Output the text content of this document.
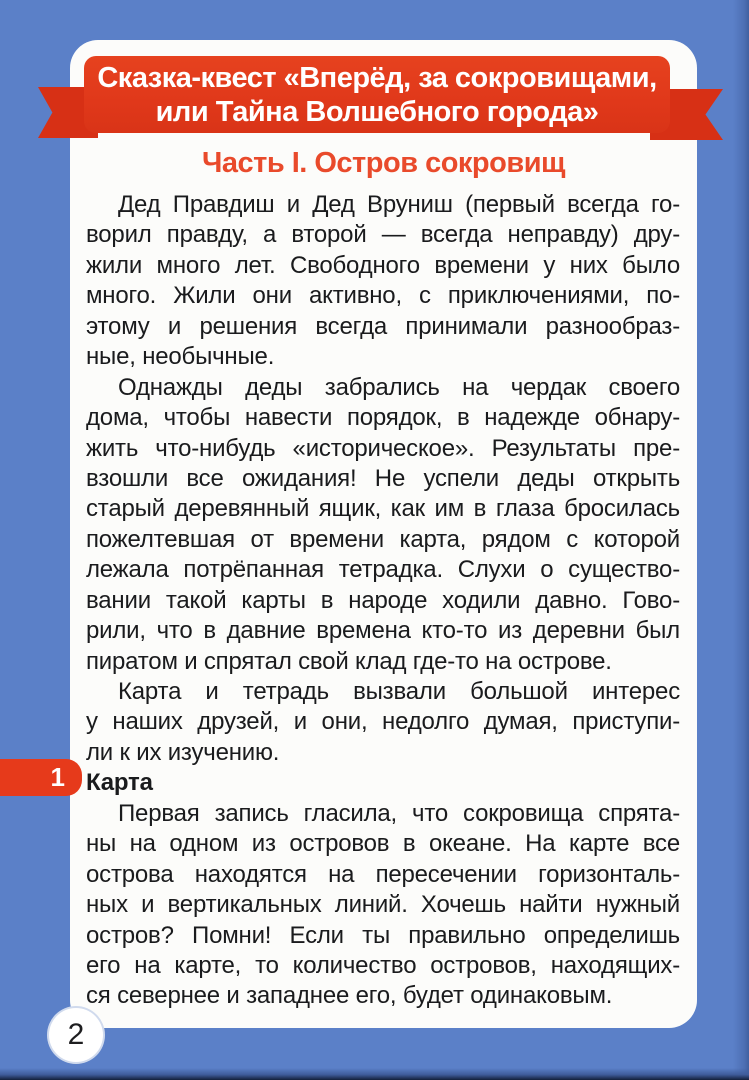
Сказка-квест «Вперёд, за сокровищами,
или Тайна Волшебного города»
Часть I. Остров сокровищ
Дед Правдиш и Дед Вруниш (первый всегда го-
ворил правду, а второй — всегда неправду) дру-
жили много лет. Свободного времени у них было
много. Жили они активно, с приключениями, по-
этому и решения всегда принимали разнообраз-
ные, необычные.
Однажды деды забрались на чердак своего
дома, чтобы навести порядок, в надежде обнару-
жить что-нибудь «историческое». Результаты пре-
взошли все ожидания! Не успели деды открыть
старый деревянный ящик, как им в глаза бросилась
пожелтевшая от времени карта, рядом с которой
лежала потрёпанная тетрадка. Слухи о существо-
вании такой карты в народе ходили давно. Гово-
рили, что в давние времена кто-то из деревни был
пиратом и спрятал свой клад где-то на острове.
Карта и тетрадь вызвали большой интерес
у наших друзей, и они, недолго думая, приступи-
ли к их изучению.
Карта
Первая запись гласила, что сокровища спрята-
ны на одном из островов в океане. На карте все
острова находятся на пересечении горизонталь-
ных и вертикальных линий. Хочешь найти нужный
остров? Помни! Если ты правильно определишь
его на карте, то количество островов, находящих-
ся севернее и западнее его, будет одинаковым.
1
2
